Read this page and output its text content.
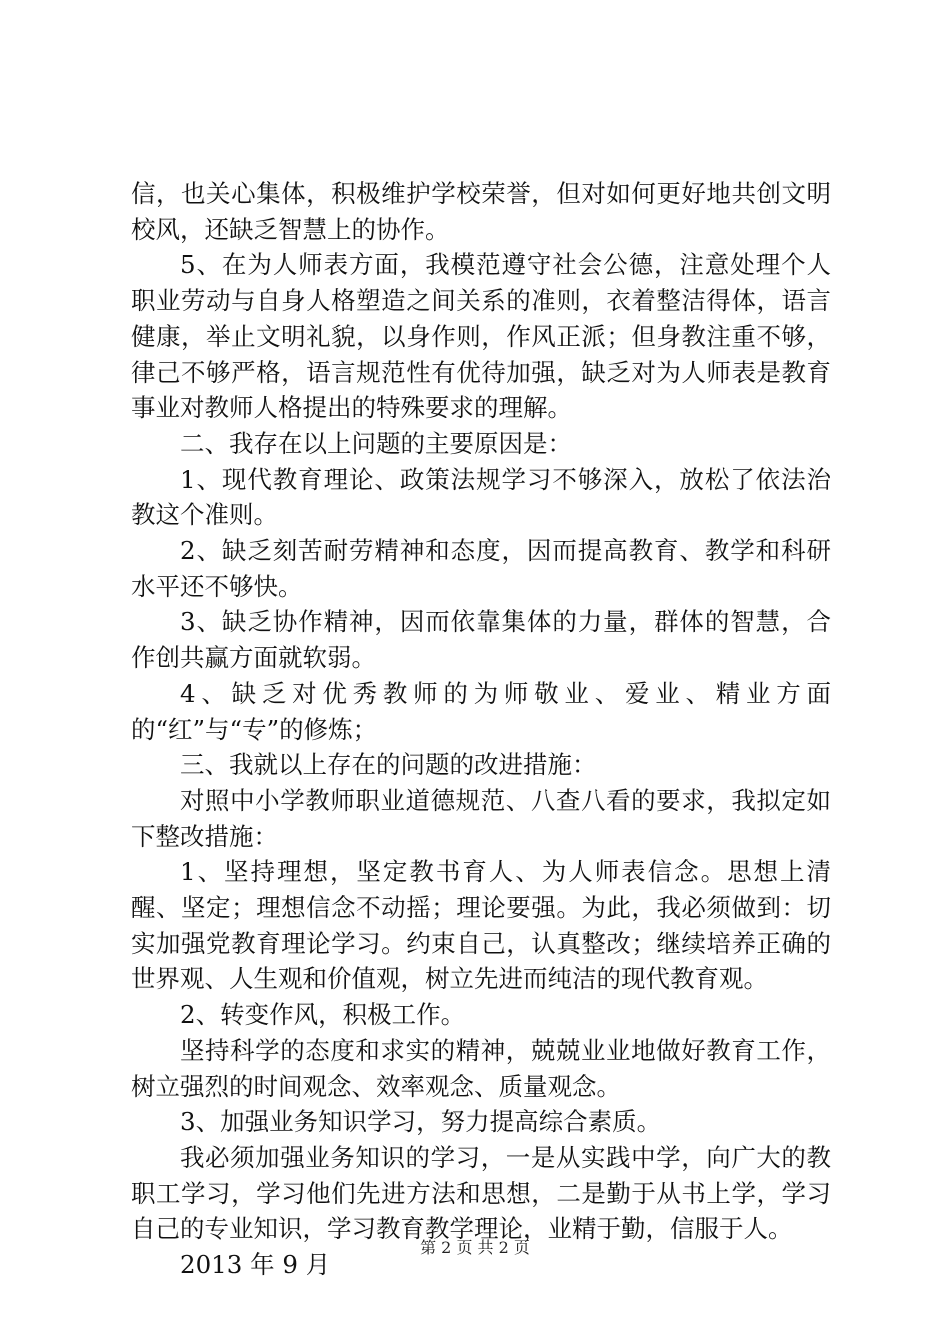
信，也关心集体，积极维护学校荣誉，但对如何更好地共创文明校风，还缺乏智慧上的协作。

5、在为人师表方面，我模范遵守社会公德，注意处理个人职业劳动与自身人格塑造之间关系的准则，衣着整洁得体，语言健康，举止文明礼貌，以身作则，作风正派；但身教注重不够，律己不够严格，语言规范性有优待加强，缺乏对为人师表是教育事业对教师人格提出的特殊要求的理解。

二、我存在以上问题的主要原因是：

1、现代教育理论、政策法规学习不够深入，放松了依法治教这个准则。

2、缺乏刻苦耐劳精神和态度，因而提高教育、教学和科研水平还不够快。

3、缺乏协作精神，因而依靠集体的力量，群体的智慧，合作创共赢方面就软弱。

4、缺乏对优秀教师的为师敬业、爱业、精业方面的“红”与“专”的修炼；

三、我就以上存在的问题的改进措施：

对照中小学教师职业道德规范、八查八看的要求，我拟定如下整改措施：

1、坚持理想，坚定教书育人、为人师表信念。思想上清醒、坚定；理想信念不动摇；理论要强。为此，我必须做到：切实加强党教育理论学习。约束自己，认真整改；继续培养正确的世界观、人生观和价值观，树立先进而纯洁的现代教育观。

2、转变作风，积极工作。

坚持科学的态度和求实的精神，兢兢业业地做好教育工作，树立强烈的时间观念、效率观念、质量观念。

3、加强业务知识学习，努力提高综合素质。

我必须加强业务知识的学习，一是从实践中学，向广大的教职工学习，学习他们先进方法和思想，二是勤于从书上学，学习自己的专业知识，学习教育教学理论，业精于勤，信服于人。

2013 年 9 月

第 2 页 共 2 页
